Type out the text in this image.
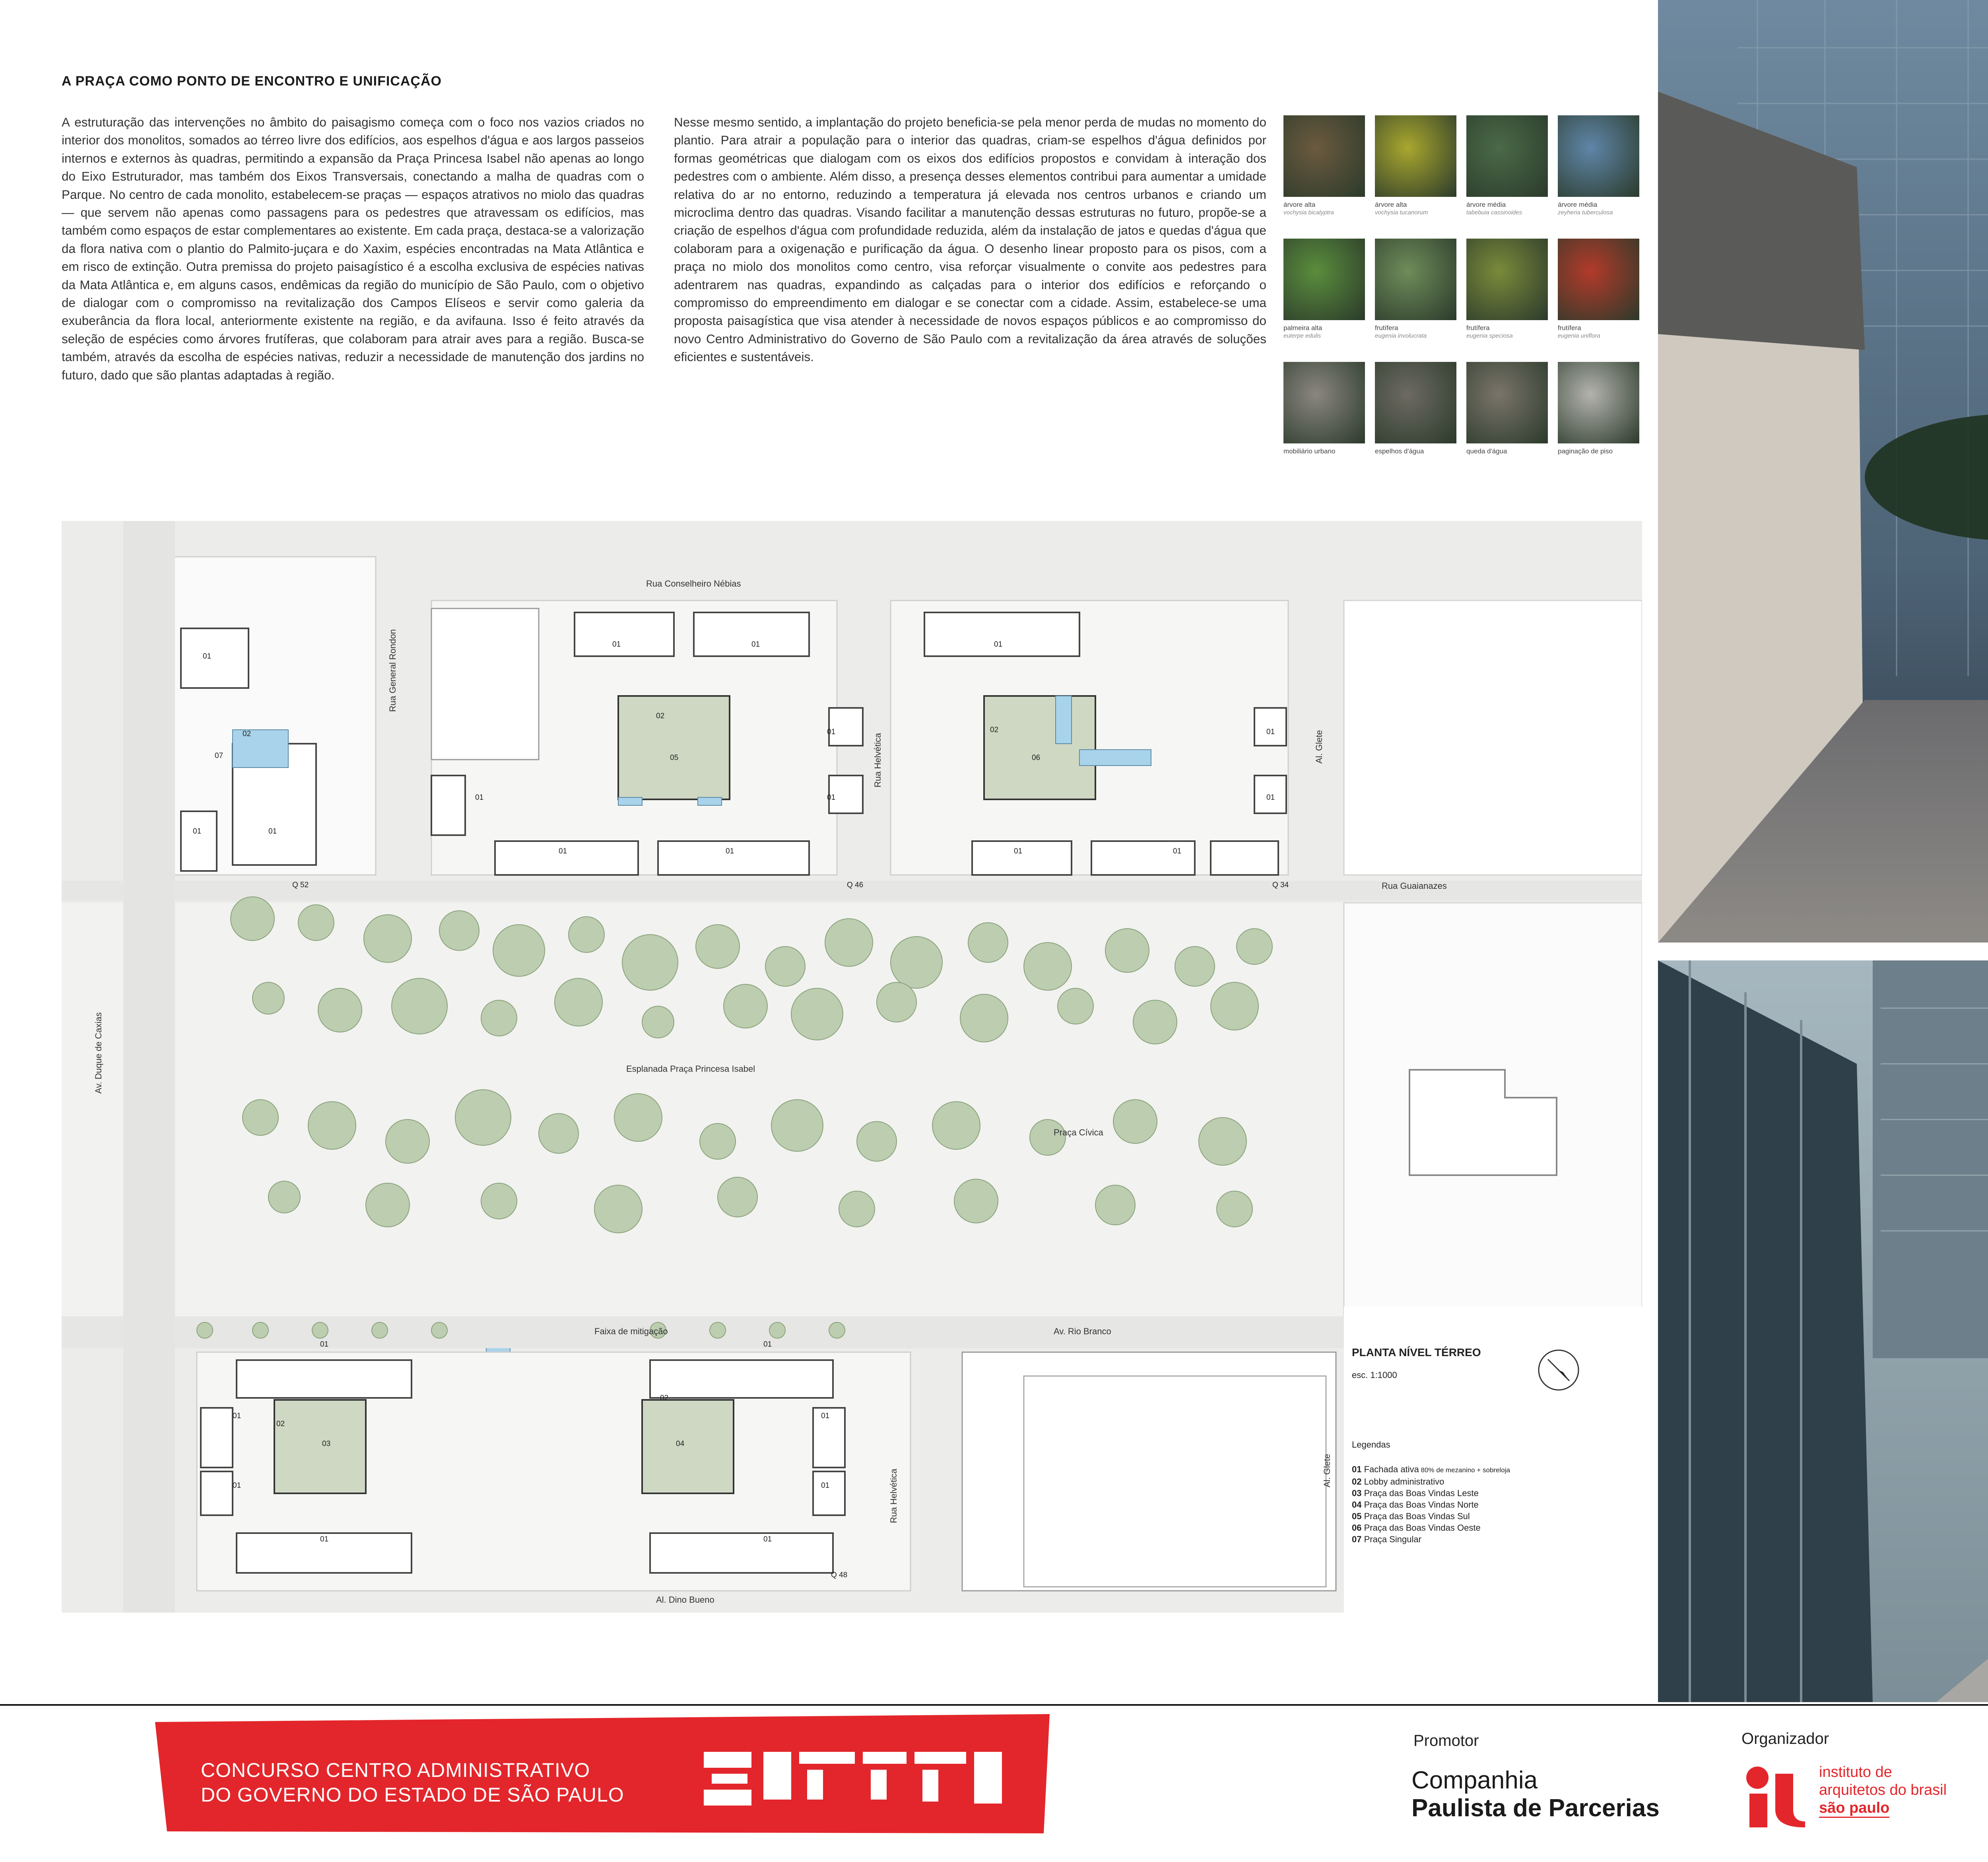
A PRAÇA COMO PONTO DE ENCONTRO E UNIFICAÇÃO

A estruturação das intervenções no âmbito do paisagismo começa com o foco nos vazios criados no interior dos monolitos, somados ao térreo livre dos edifícios, aos espelhos d'água e aos largos passeios internos e externos às quadras, permitindo a expansão da Praça Princesa Isabel não apenas ao longo do Eixo Estruturador, mas também dos Eixos Transversais, conectando a malha de quadras com o Parque. No centro de cada monolito, estabelecem-se praças — espaços atrativos no miolo das quadras — que servem não apenas como passagens para os pedestres que atravessam os edifícios, mas também como espaços de estar complementares ao existente. Em cada praça, destaca-se a valorização da flora nativa com o plantio do Palmito-juçara e do Xaxim, espécies encontradas na Mata Atlântica e em risco de extinção. Outra premissa do projeto paisagístico é a escolha exclusiva de espécies nativas da Mata Atlântica e, em alguns casos, endêmicas da região do município de São Paulo, com o objetivo de dialogar com o compromisso na revitalização dos Campos Elíseos e servir como galeria da exuberância da flora local, anteriormente existente na região, e da avifauna. Isso é feito através da seleção de espécies como árvores frutíferas, que colaboram para atrair aves para a região. Busca-se também, através da escolha de espécies nativas, reduzir a necessidade de manutenção dos jardins no futuro, dado que são plantas adaptadas à região.

Nesse mesmo sentido, a implantação do projeto beneficia-se pela menor perda de mudas no momento do plantio. Para atrair a população para o interior das quadras, criam-se espelhos d'água definidos por formas geométricas que dialogam com os eixos dos edifícios propostos e convidam à interação dos pedestres com o ambiente. Além disso, a presença desses elementos contribui para aumentar a umidade relativa do ar no entorno, reduzindo a temperatura já elevada nos centros urbanos e criando um microclima dentro das quadras. Visando facilitar a manutenção dessas estruturas no futuro, propõe-se a criação de espelhos d'água com profundidade reduzida, além da instalação de jatos e quedas d'água que colaboram para a oxigenação e purificação da água. O desenho linear proposto para os pisos, com a praça no miolo dos monolitos como centro, visa reforçar visualmente o convite aos pedestres para adentrarem nas quadras, expandindo as calçadas para o interior dos edifícios e reforçando o compromisso do empreendimento em dialogar e se conectar com a cidade. Assim, estabelece-se uma proposta paisagística que visa atender à necessidade de novos espaços públicos e ao compromisso do novo Centro Administrativo do Governo de São Paulo com a revitalização da área através de soluções eficientes e sustentáveis.

árvore alta
vochysia bicalyptra
árvore alta
vochysia tucanorum
árvore média
tabebuia cassinoides
árvore média
zeyheria tuberculosa
palmeira alta
euterpe edulis
frutífera
eugenia involucrata
frutífera
eugenia speciosa
frutífera
eugenia uniflora
mobiliário urbano	espelhos d'água	queda d'água	paginação de piso
Rua Conselheiro Nébias
Rua General Rondon
Rua Helvética	Al. Glete
Rua Guaianazes
Av. Duque de Caxias	Esplanada Praça Princesa Isabel
Praça Cívica
Faixa de mitigação	Av. Rio Branco
Rua Helvética	Al. Glete
Al. Dino Bueno
Q 52	Q 46	Q 34
Q 48
01
02
07
01	01
01	01
02
05
01	01
01
02
06
01	01
01
01
01
01
01
01	01
01
02
03
01
02
04
01
01
01	01
PLANTA NÍVEL TÉRREO
esc. 1:1000
Legendas
01 Fachada ativa 80% de mezanino + sobreloja
02 Lobby administrativo
03 Praça das Boas Vindas Leste
04 Praça das Boas Vindas Norte
05 Praça das Boas Vindas Sul
06 Praça das Boas Vindas Oeste
07 Praça Singular
CONCURSO CENTRO ADMINISTRATIVO
DO GOVERNO DO ESTADO DE SÃO PAULO
Promotor
Companhia
Paulista de Parcerias
Organizador
instituto de
arquitetos do brasil
são paulo
